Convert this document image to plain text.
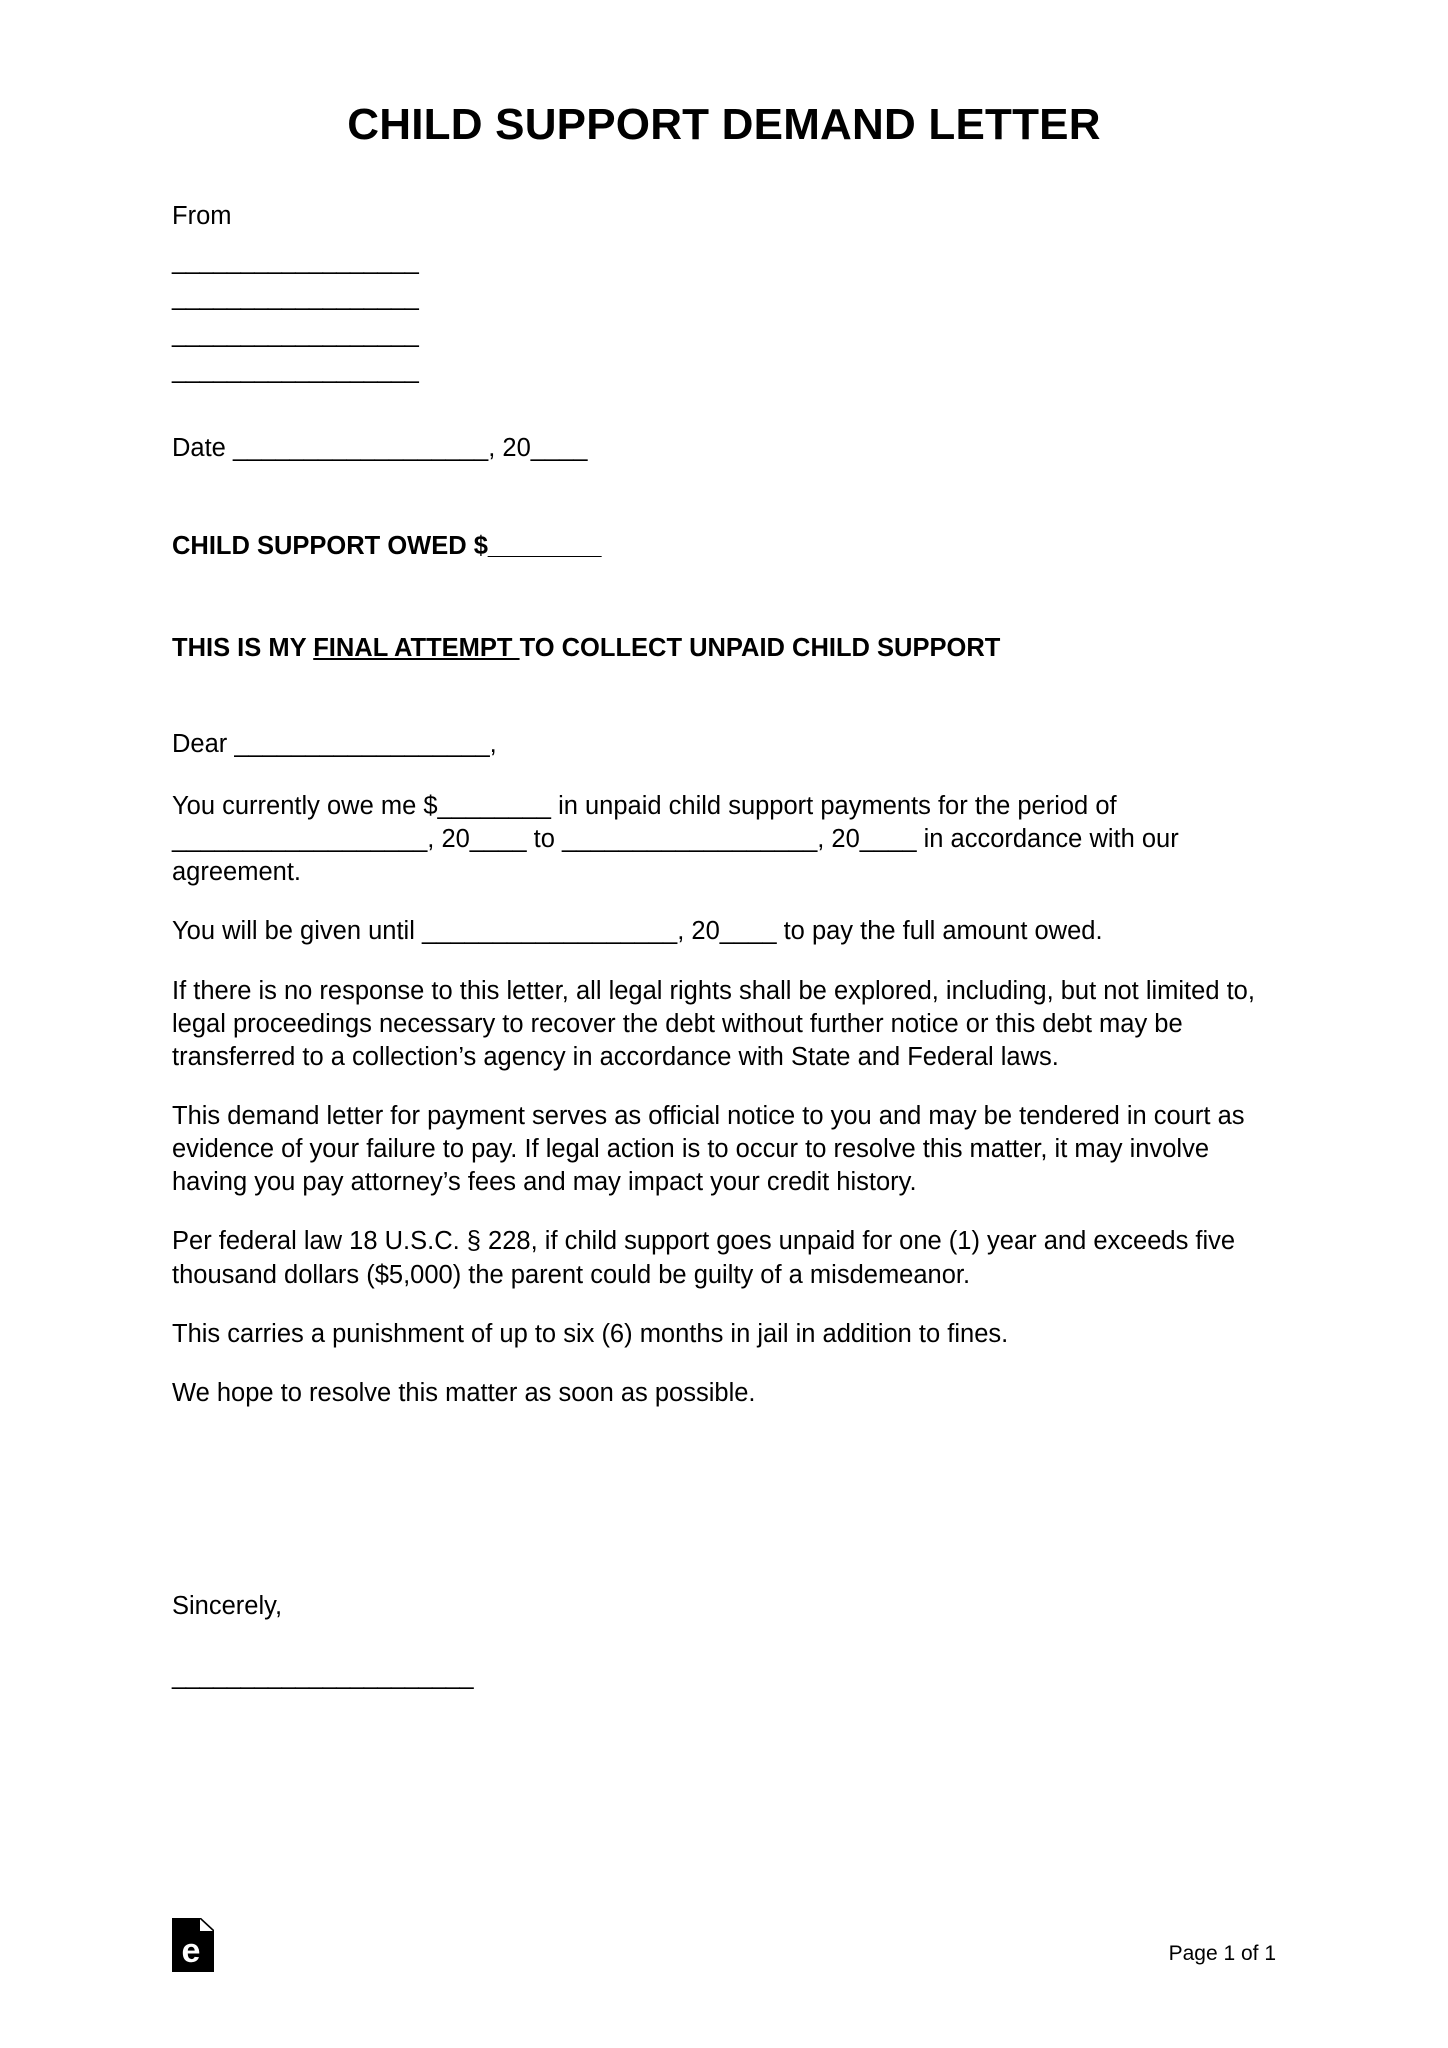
CHILD SUPPORT DEMAND LETTER
From
__________________
__________________
__________________
__________________
Date __________________, 20____
CHILD SUPPORT OWED $________
THIS IS MY FINAL ATTEMPT TO COLLECT UNPAID CHILD SUPPORT
Dear __________________,

You currently owe me $________ in unpaid child support payments for the period of __________________, 20____ to __________________, 20____ in accordance with our agreement.

You will be given until __________________, 20____ to pay the full amount owed.

If there is no response to this letter, all legal rights shall be explored, including, but not limited to, legal proceedings necessary to recover the debt without further notice or this debt may be transferred to a collection’s agency in accordance with State and Federal laws.

This demand letter for payment serves as official notice to you and may be tendered in court as evidence of your failure to pay. If legal action is to occur to resolve this matter, it may involve having you pay attorney’s fees and may impact your credit history.

Per federal law 18 U.S.C. § 228, if child support goes unpaid for one (1) year and exceeds five thousand dollars ($5,000) the parent could be guilty of a misdemeanor.

This carries a punishment of up to six (6) months in jail in addition to fines.

We hope to resolve this matter as soon as possible.

Sincerely,
______________________
e	Page 1 of 1
